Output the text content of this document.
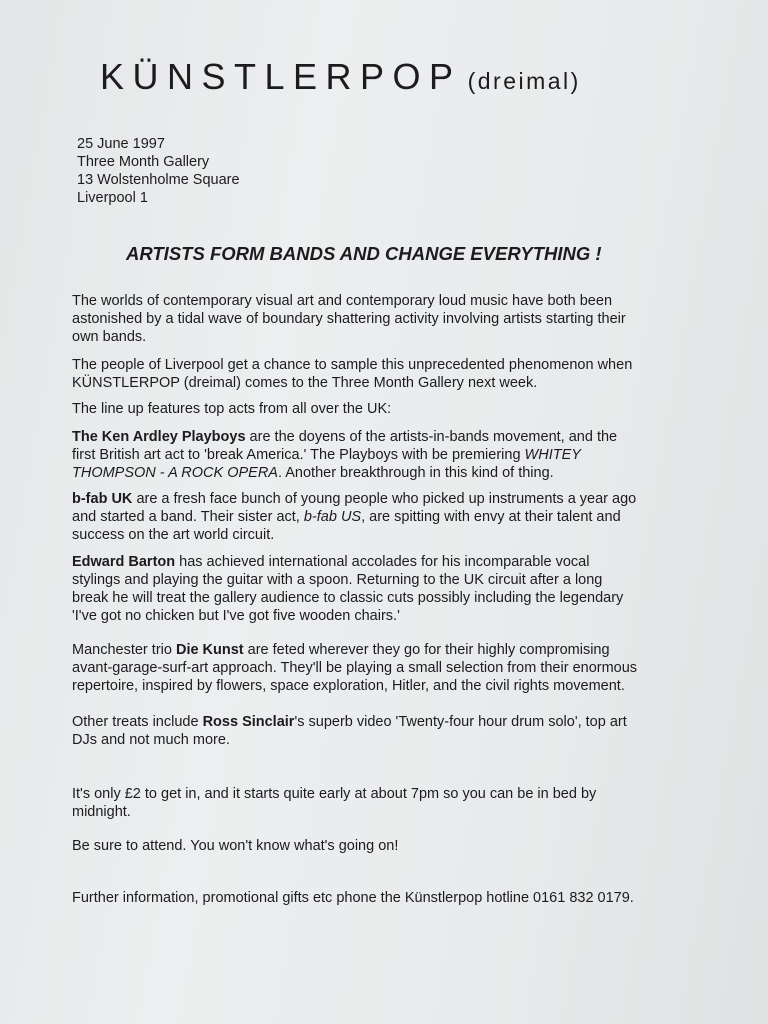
KÜNSTLERPOP (dreimal)
25 June 1997
Three Month Gallery
13 Wolstenholme Square
Liverpool 1
ARTISTS FORM BANDS AND CHANGE EVERYTHING !
The worlds of contemporary visual art and contemporary loud music have both been
astonished by a tidal wave of boundary shattering activity involving artists starting their
own bands.
The people of Liverpool get a chance to sample this unprecedented phenomenon when
KÜNSTLERPOP (dreimal) comes to the Three Month Gallery next week.
The line up features top acts from all over the UK:
The Ken Ardley Playboys are the doyens of the artists-in-bands movement, and the
first British art act to 'break America.' The Playboys with be premiering WHITEY
THOMPSON - A ROCK OPERA. Another breakthrough in this kind of thing.
b-fab UK are a fresh face bunch of young people who picked up instruments a year ago
and started a band. Their sister act, b-fab US, are spitting with envy at their talent and
success on the art world circuit.
Edward Barton has achieved international accolades for his incomparable vocal
stylings and playing the guitar with a spoon. Returning to the UK circuit after a long
break he will treat the gallery audience to classic cuts possibly including the legendary
'I've got no chicken but I've got five wooden chairs.'
Manchester trio Die Kunst are feted wherever they go for their highly compromising
avant-garage-surf-art approach. They'll be playing a small selection from their enormous
repertoire, inspired by flowers, space exploration, Hitler, and the civil rights movement.
Other treats include Ross Sinclair's superb video 'Twenty-four hour drum solo', top art
DJs and not much more.
It's only £2 to get in, and it starts quite early at about 7pm so you can be in bed by
midnight.
Be sure to attend. You won't know what's going on!
Further information, promotional gifts etc phone the Künstlerpop hotline 0161 832 0179.
